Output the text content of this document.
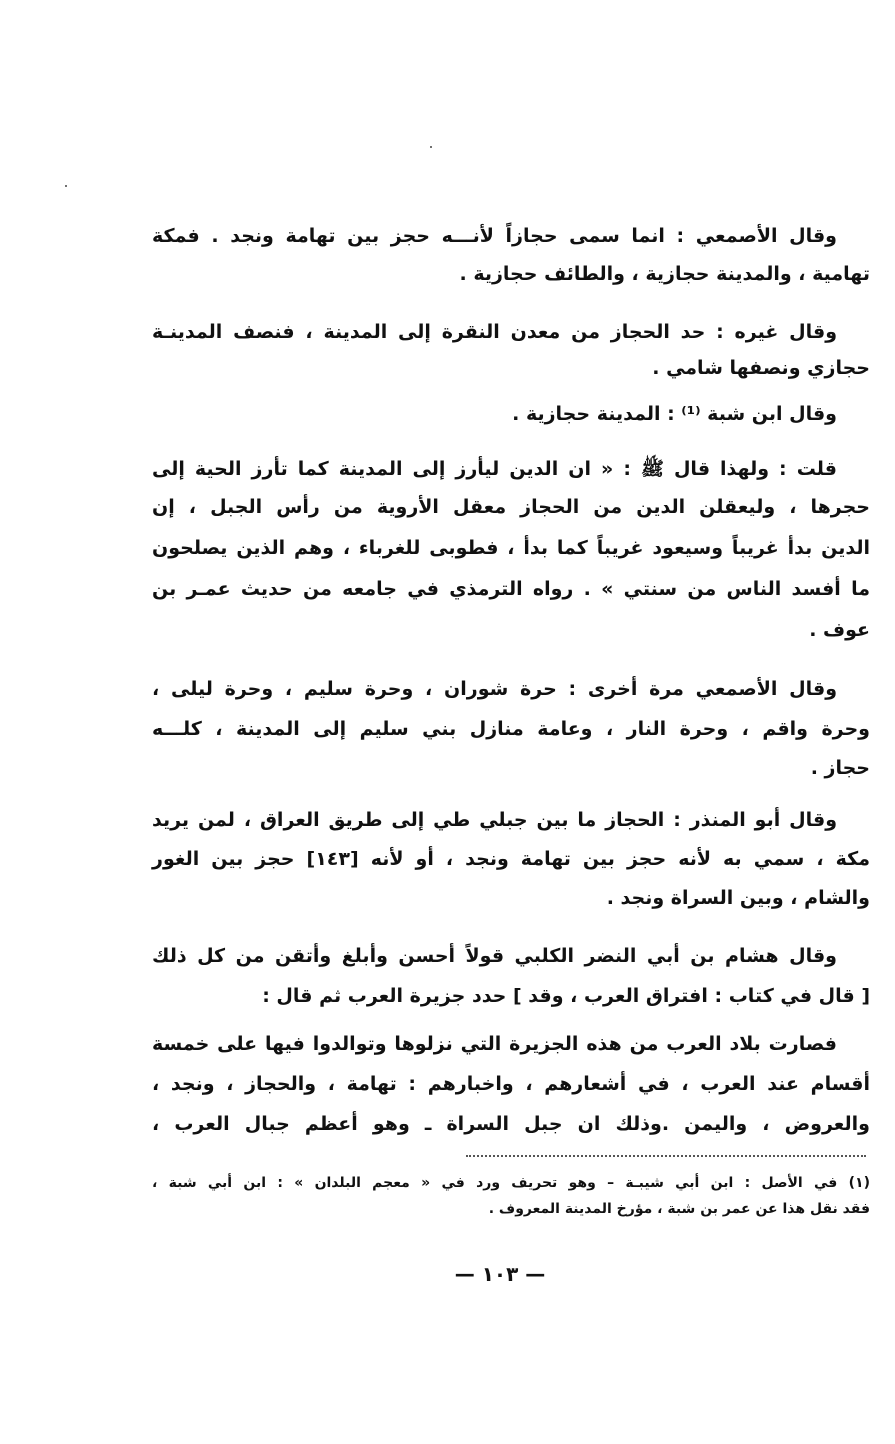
وقال الأصمعي : انما سمى حجازاً لأنـــه حجز بين تهامة ونجد . فمكة
تهامية ، والمدينة حجازية ، والطائف حجازية .
وقال غيره : حد الحجاز من معدن النقرة إلى المدينة ، فنصف المدينـة
حجازي ونصفها شامي .
وقال ابن شبة ⁽¹⁾ : المدينة حجازية .
قلت : ولهذا قال ﷺ : « ان الدين ليأرز إلى المدينة كما تأرز الحية إلى
حجرها ، وليعقلن الدين من الحجاز معقل الأروية من رأس الجبل ، إن
الدين بدأ غريباً وسيعود غريباً كما بدأ ، فطوبى للغرباء ، وهم الذين يصلحون
ما أفسد الناس من سنتي » . رواه الترمذي في جامعه من حديث عمـر بن
عوف .
وقال الأصمعي مرة أخرى : حرة شوران ، وحرة سليم ، وحرة ليلى ،
وحرة واقم ، وحرة النار ، وعامة منازل بني سليم إلى المدينة ، كلـــه
حجاز .
وقال أبو المنذر : الحجاز ما بين جبلي طي إلى طريق العراق ، لمن يريد
مكة ، سمي به لأنه حجز بين تهامة ونجد ، أو لأنه [١٤٣] حجز بين الغور
والشام ، وبين السراة ونجد .
وقال هشام بن أبي النضر الكلبي قولاً أحسن وأبلغ وأتقن من كل ذلك
[ قال في كتاب : افتراق العرب ، وقد ] حدد جزيرة العرب ثم قال :
فصارت بلاد العرب من هذه الجزيرة التي نزلوها وتوالدوا فيها على خمسة
أقسام عند العرب ، في أشعارهم ، واخبارهم : تهامة ، والحجاز ، ونجد ،
والعروض ، واليمن .وذلك ان جبل السراة ـ وهو أعظم جبال العرب ،
(١) في الأصل : ابن أبي شيبـة – وهو تحريف ورد في « معجم البلدان » : ابن أبي شبة ،
فقد نقل هذا عن عمر بن شبة ، مؤرخ المدينة المعروف .
— ١٠٣ —
